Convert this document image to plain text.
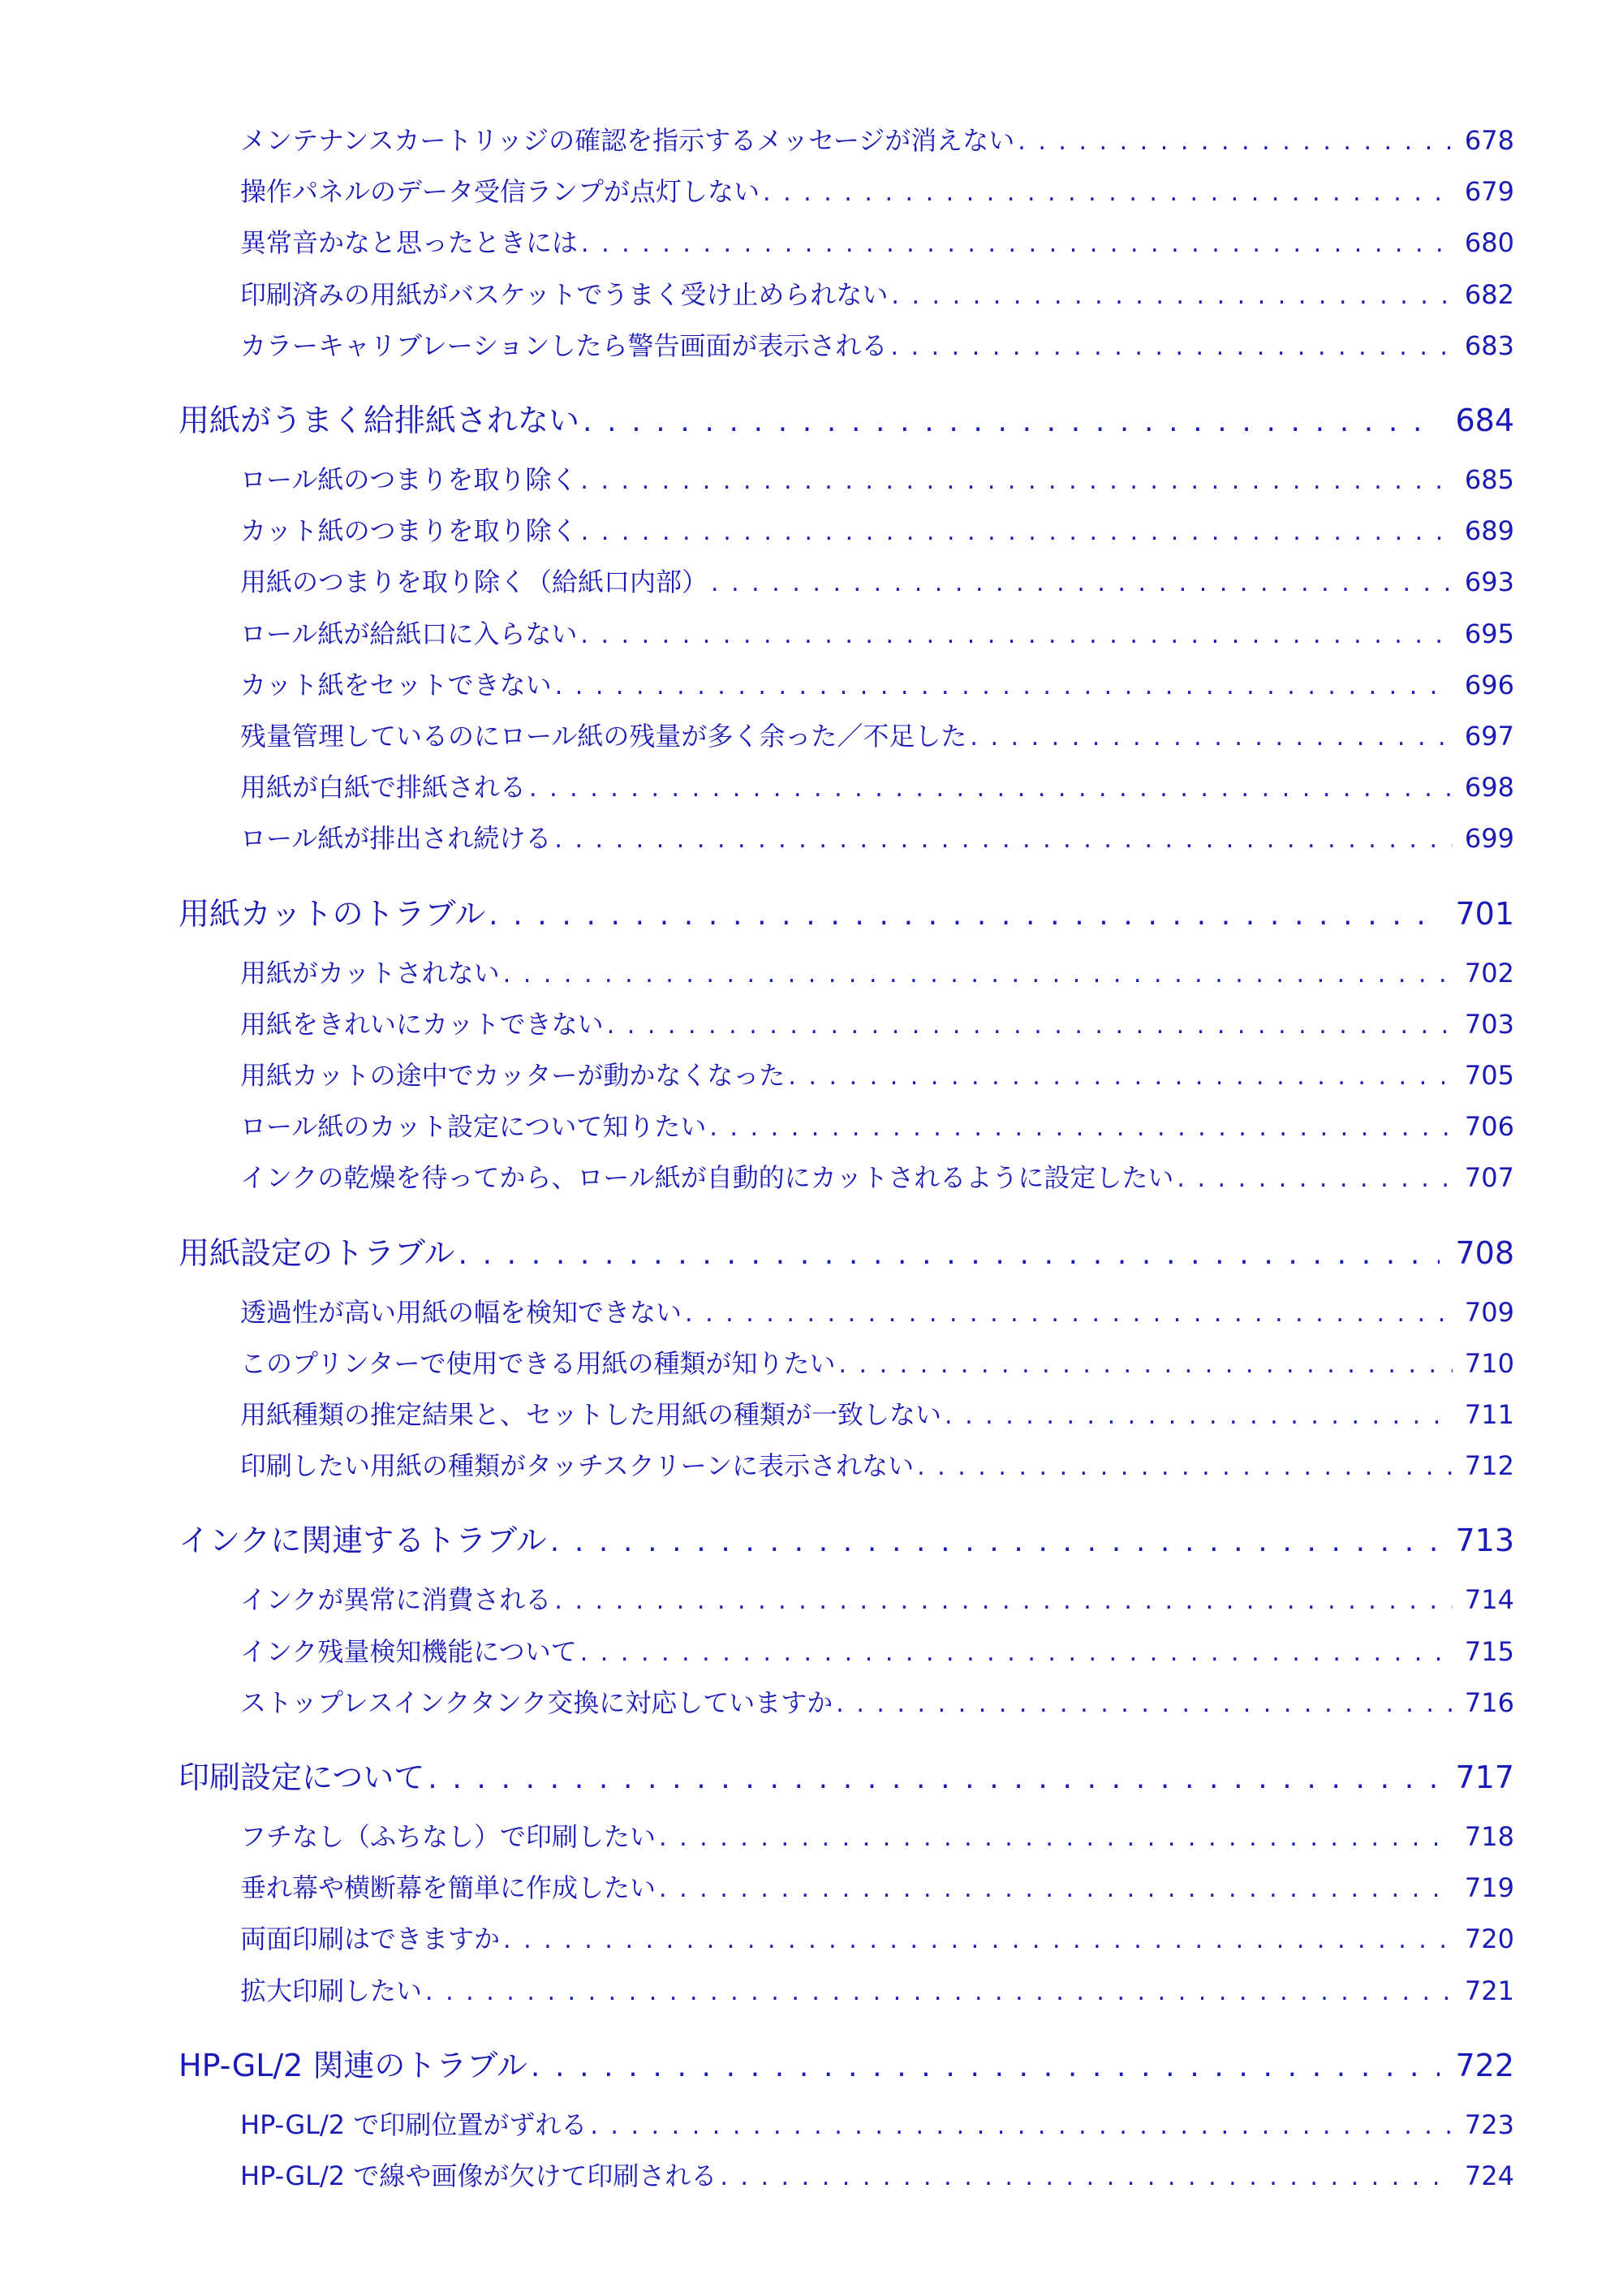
メンテナンスカートリッジの確認を指示するメッセージが消えない . . .	678
操作パネルのデータ受信ランプが点灯しない . . .	679
異常音かなと思ったときには . . .	680
印刷済みの用紙がバスケットでうまく受け止められない . . .	682
カラーキャリブレーションしたら警告画面が表示される . . .	683
用紙がうまく給排紙されない . . .	684
ロール紙のつまりを取り除く . . .	685
カット紙のつまりを取り除く . . .	689
用紙のつまりを取り除く（給紙口内部） . . .	693
ロール紙が給紙口に入らない . . .	695
カット紙をセットできない . . .	696
残量管理しているのにロール紙の残量が多く余った／不足した . . .	697
用紙が白紙で排紙される . . .	698
ロール紙が排出され続ける . . .	699
用紙カットのトラブル . . .	701
用紙がカットされない . . .	702
用紙をきれいにカットできない . . .	703
用紙カットの途中でカッターが動かなくなった . . .	705
ロール紙のカット設定について知りたい . . .	706
インクの乾燥を待ってから、ロール紙が自動的にカットされるように設定したい . . .	707
用紙設定のトラブル . . .	708
透過性が高い用紙の幅を検知できない . . .	709
このプリンターで使用できる用紙の種類が知りたい . . .	710
用紙種類の推定結果と、セットした用紙の種類が一致しない . . .	711
印刷したい用紙の種類がタッチスクリーンに表示されない . . .	712
インクに関連するトラブル . . .	713
インクが異常に消費される . . .	714
インク残量検知機能について . . .	715
ストップレスインクタンク交換に対応していますか . . .	716
印刷設定について . . .	717
フチなし（ふちなし）で印刷したい . . .	718
垂れ幕や横断幕を簡単に作成したい . . .	719
両面印刷はできますか . . .	720
拡大印刷したい . . .	721
HP-GL/2 関連のトラブル . . .	722
HP-GL/2 で印刷位置がずれる . . .	723
HP-GL/2 で線や画像が欠けて印刷される . . .	724
